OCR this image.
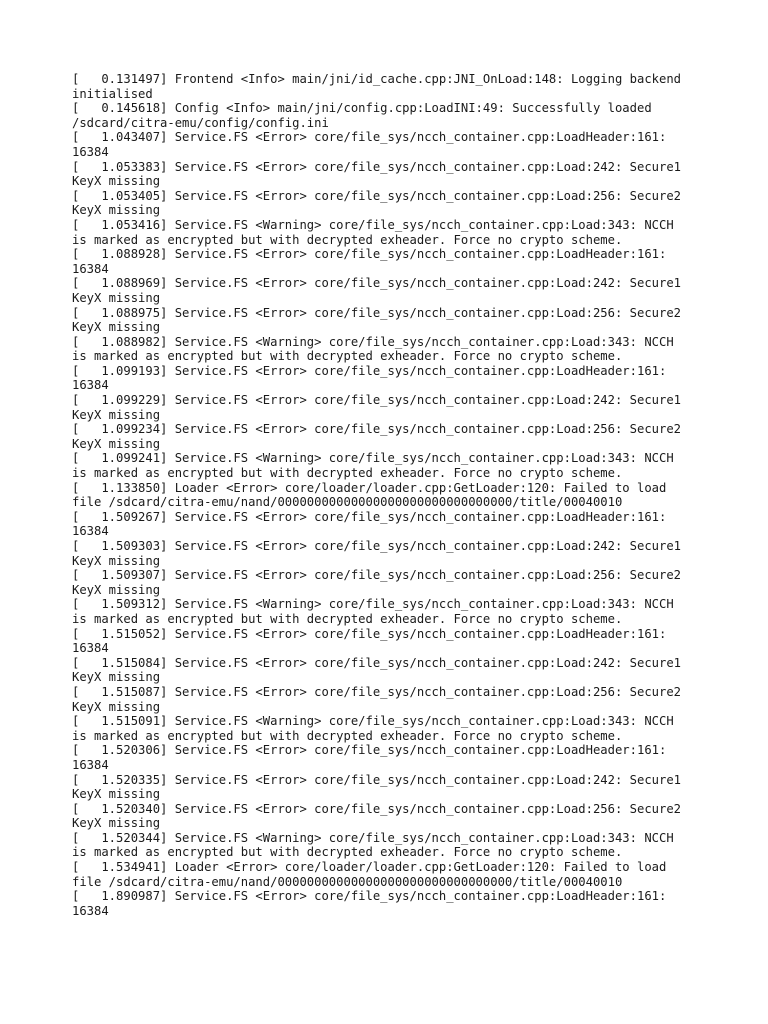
[   0.131497] Frontend <Info> main/jni/id_cache.cpp:JNI_OnLoad:148: Logging backend
initialised
[   0.145618] Config <Info> main/jni/config.cpp:LoadINI:49: Successfully loaded
/sdcard/citra-emu/config/config.ini
[   1.043407] Service.FS <Error> core/file_sys/ncch_container.cpp:LoadHeader:161:
16384
[   1.053383] Service.FS <Error> core/file_sys/ncch_container.cpp:Load:242: Secure1
KeyX missing
[   1.053405] Service.FS <Error> core/file_sys/ncch_container.cpp:Load:256: Secure2
KeyX missing
[   1.053416] Service.FS <Warning> core/file_sys/ncch_container.cpp:Load:343: NCCH
is marked as encrypted but with decrypted exheader. Force no crypto scheme.
[   1.088928] Service.FS <Error> core/file_sys/ncch_container.cpp:LoadHeader:161:
16384
[   1.088969] Service.FS <Error> core/file_sys/ncch_container.cpp:Load:242: Secure1
KeyX missing
[   1.088975] Service.FS <Error> core/file_sys/ncch_container.cpp:Load:256: Secure2
KeyX missing
[   1.088982] Service.FS <Warning> core/file_sys/ncch_container.cpp:Load:343: NCCH
is marked as encrypted but with decrypted exheader. Force no crypto scheme.
[   1.099193] Service.FS <Error> core/file_sys/ncch_container.cpp:LoadHeader:161:
16384
[   1.099229] Service.FS <Error> core/file_sys/ncch_container.cpp:Load:242: Secure1
KeyX missing
[   1.099234] Service.FS <Error> core/file_sys/ncch_container.cpp:Load:256: Secure2
KeyX missing
[   1.099241] Service.FS <Warning> core/file_sys/ncch_container.cpp:Load:343: NCCH
is marked as encrypted but with decrypted exheader. Force no crypto scheme.
[   1.133850] Loader <Error> core/loader/loader.cpp:GetLoader:120: Failed to load
file /sdcard/citra-emu/nand/00000000000000000000000000000000/title/00040010
[   1.509267] Service.FS <Error> core/file_sys/ncch_container.cpp:LoadHeader:161:
16384
[   1.509303] Service.FS <Error> core/file_sys/ncch_container.cpp:Load:242: Secure1
KeyX missing
[   1.509307] Service.FS <Error> core/file_sys/ncch_container.cpp:Load:256: Secure2
KeyX missing
[   1.509312] Service.FS <Warning> core/file_sys/ncch_container.cpp:Load:343: NCCH
is marked as encrypted but with decrypted exheader. Force no crypto scheme.
[   1.515052] Service.FS <Error> core/file_sys/ncch_container.cpp:LoadHeader:161:
16384
[   1.515084] Service.FS <Error> core/file_sys/ncch_container.cpp:Load:242: Secure1
KeyX missing
[   1.515087] Service.FS <Error> core/file_sys/ncch_container.cpp:Load:256: Secure2
KeyX missing
[   1.515091] Service.FS <Warning> core/file_sys/ncch_container.cpp:Load:343: NCCH
is marked as encrypted but with decrypted exheader. Force no crypto scheme.
[   1.520306] Service.FS <Error> core/file_sys/ncch_container.cpp:LoadHeader:161:
16384
[   1.520335] Service.FS <Error> core/file_sys/ncch_container.cpp:Load:242: Secure1
KeyX missing
[   1.520340] Service.FS <Error> core/file_sys/ncch_container.cpp:Load:256: Secure2
KeyX missing
[   1.520344] Service.FS <Warning> core/file_sys/ncch_container.cpp:Load:343: NCCH
is marked as encrypted but with decrypted exheader. Force no crypto scheme.
[   1.534941] Loader <Error> core/loader/loader.cpp:GetLoader:120: Failed to load
file /sdcard/citra-emu/nand/00000000000000000000000000000000/title/00040010
[   1.890987] Service.FS <Error> core/file_sys/ncch_container.cpp:LoadHeader:161:
16384
